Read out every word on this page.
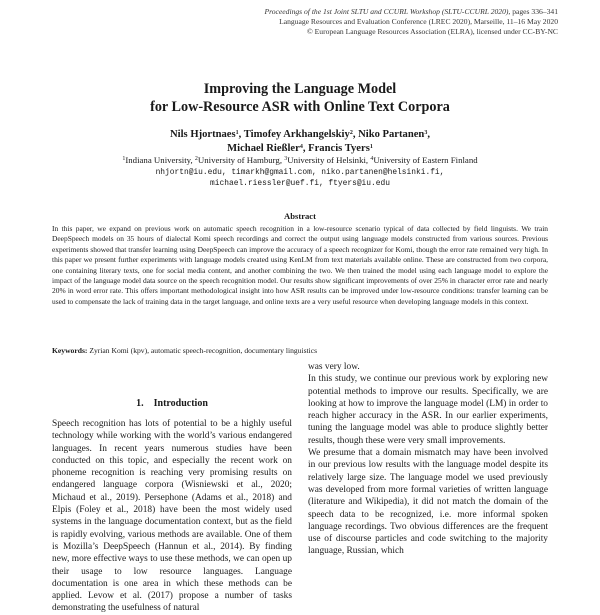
Proceedings of the 1st Joint SLTU and CCURL Workshop (SLTU-CCURL 2020), pages 336–341
Language Resources and Evaluation Conference (LREC 2020), Marseille, 11–16 May 2020
© European Language Resources Association (ELRA), licensed under CC-BY-NC
Improving the Language Model
for Low-Resource ASR with Online Text Corpora
Nils Hjortnaes$^1$, Timofey Arkhangelskiy$^2$, Niko Partanen$^3$,
Michael Rießler$^4$, Francis Tyers$^1$
$^1$Indiana University, $^2$University of Hamburg, $^3$University of Helsinki, $^4$University of Eastern Finland
nhjortn@iu.edu, timarkh@gmail.com, niko.partanen@helsinki.fi,
michael.riessler@uef.fi, ftyers@iu.edu
Abstract
In this paper, we expand on previous work on automatic speech recognition in a low-resource scenario typical of data collected by field linguists. We train DeepSpeech models on 35 hours of dialectal Komi speech recordings and correct the output using language models constructed from various sources. Previous experiments showed that transfer learning using DeepSpeech can improve the accuracy of a speech recognizer for Komi, though the error rate remained very high. In this paper we present further experiments with language models created using KenLM from text materials available online. These are constructed from two corpora, one containing literary texts, one for social media content, and another combining the two. We then trained the model using each language model to explore the impact of the language model data source on the speech recognition model. Our results show significant improvements of over 25% in character error rate and nearly 20% in word error rate. This offers important methodological insight into how ASR results can be improved under low-resource conditions: transfer learning can be used to compensate the lack of training data in the target language, and online texts are a very useful resource when developing language models in this context.
Keywords: Zyrian Komi (kpv), automatic speech-recognition, documentary linguistics
1. Introduction

Speech recognition has lots of potential to be a highly useful technology while working with the world’s various endangered languages. In recent years numerous studies have been conducted on this topic, and especially the recent work on phoneme recognition is reaching very promising results on endangered language corpora (Wisniewski et al., 2020; Michaud et al., 2019). Persephone (Adams et al., 2018) and Elpis (Foley et al., 2018) have been the most widely used systems in the language documentation context, but as the field is rapidly evolving, various methods are available. One of them is Mozilla’s DeepSpeech (Hannun et al., 2014). By finding new, more effective ways to use these methods, we can open up their usage to low resource languages. Language documentation is one area in which these methods can be applied. Levow et al. (2017) propose a number of tasks demonstrating the usefulness of natural

was very low.

In this study, we continue our previous work by exploring new potential methods to improve our results. Specifically, we are looking at how to improve the language model (LM) in order to reach higher accuracy in the ASR. In our earlier experiments, tuning the language model was able to produce slightly better results, though these were very small improvements.

We presume that a domain mismatch may have been involved in our previous low results with the language model despite its relatively large size. The language model we used previously was developed from more formal varieties of written language (literature and Wikipedia), it did not match the domain of the speech data to be recognized, i.e. more informal spoken language recordings. Two obvious differences are the frequent use of discourse particles and code switching to the majority language, Russian, which
